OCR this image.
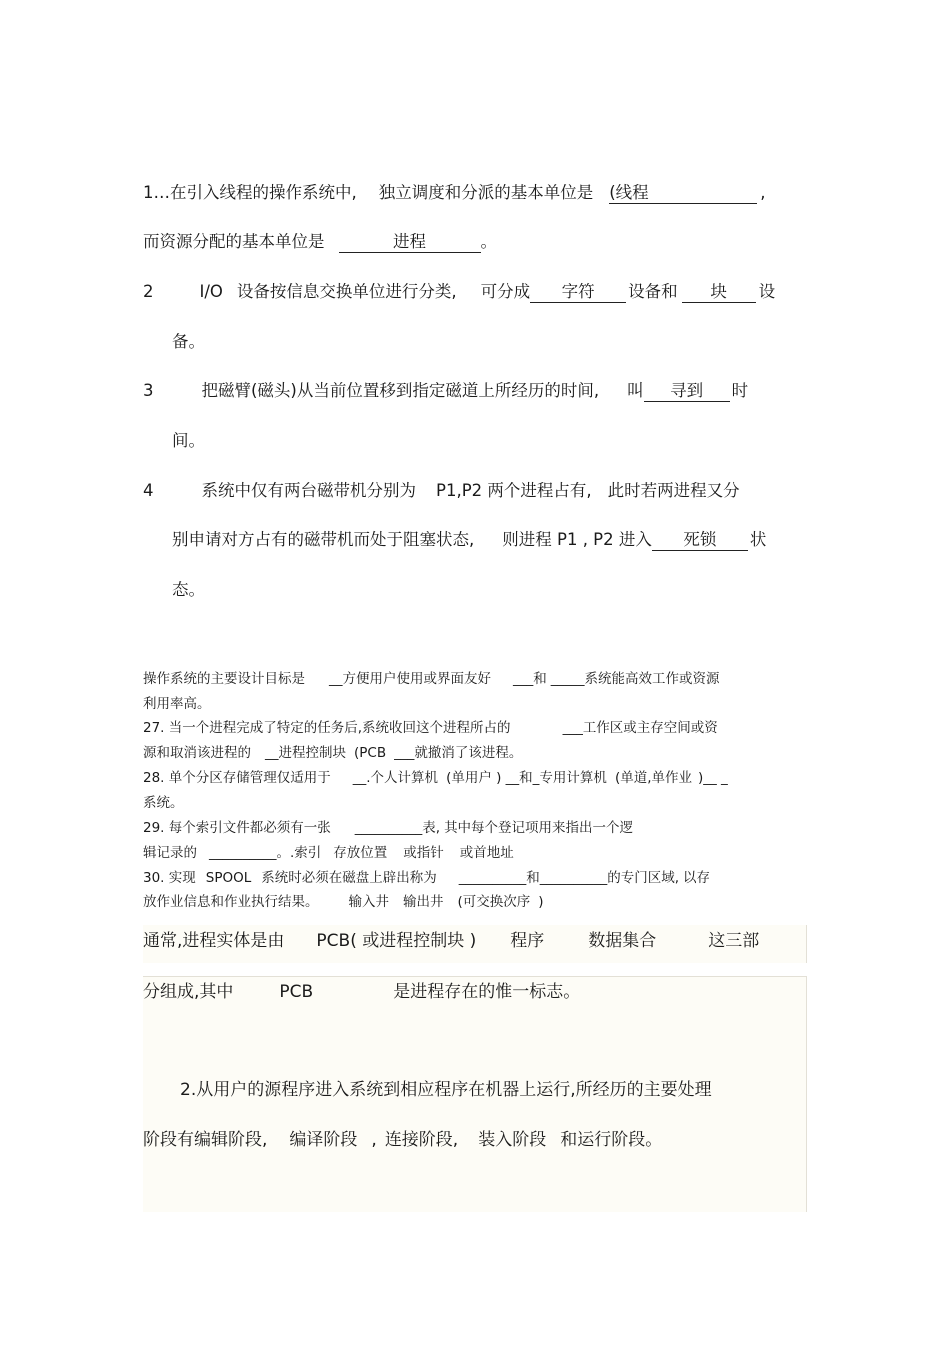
1…在引入线程的操作系统中, 独立调度和分派的基本单位是 (线程	,
而资源分配的基本单位是	进程	。
2	I/O 设备按信息交换单位进行分类, 可分成 字符 设备和 块 设
备。
3	把磁臂(磁头)从当前位置移到指定磁道上所经历的时间, 叫 寻到 时
间。
4	系统中仅有两台磁带机分别为 P1,P2 两个进程占有, 此时若两进程又分
别申请对方占有的磁带机而处于阻塞状态, 则进程 P1 , P2 进入 死锁 状
态。
操作系统的主要设计目标是 __方便用户使用或界面友好 ___和 _____系统能高效工作或资源
利用率高。
27. 当一个进程完成了特定的任务后,系统收回这个进程所占的	___工作区或主存空间或资
源和取消该进程的 __进程控制块 (PCB ___就撤消了该进程。
28. 单个分区存储管理仅适用于 __.个人计算机 (单用户 ) __和_专用计算机 (单道,单作业 )__ _
系统。
29. 每个索引文件都必须有一张 __________表, 其中每个登记项用来指出一个逻
辑记录的 __________。.索引 存放位置 或指针 或首地址
30. 实现 SPOOL 系统时必须在磁盘上辟出称为 __________和__________的专门区域, 以存
放作业信息和作业执行结果。 输入井 输出井 (可交换次序 )
通常,进程实体是由 PCB( 或进程控制块 ) 程序	数据集合	这三部
分组成,其中	PCB	是进程存在的惟一标志。
2.从用户的源程序进入系统到相应程序在机器上运行,所经历的主要处理
阶段有编辑阶段, 编译阶段 , 连接阶段, 装入阶段 和运行阶段。
